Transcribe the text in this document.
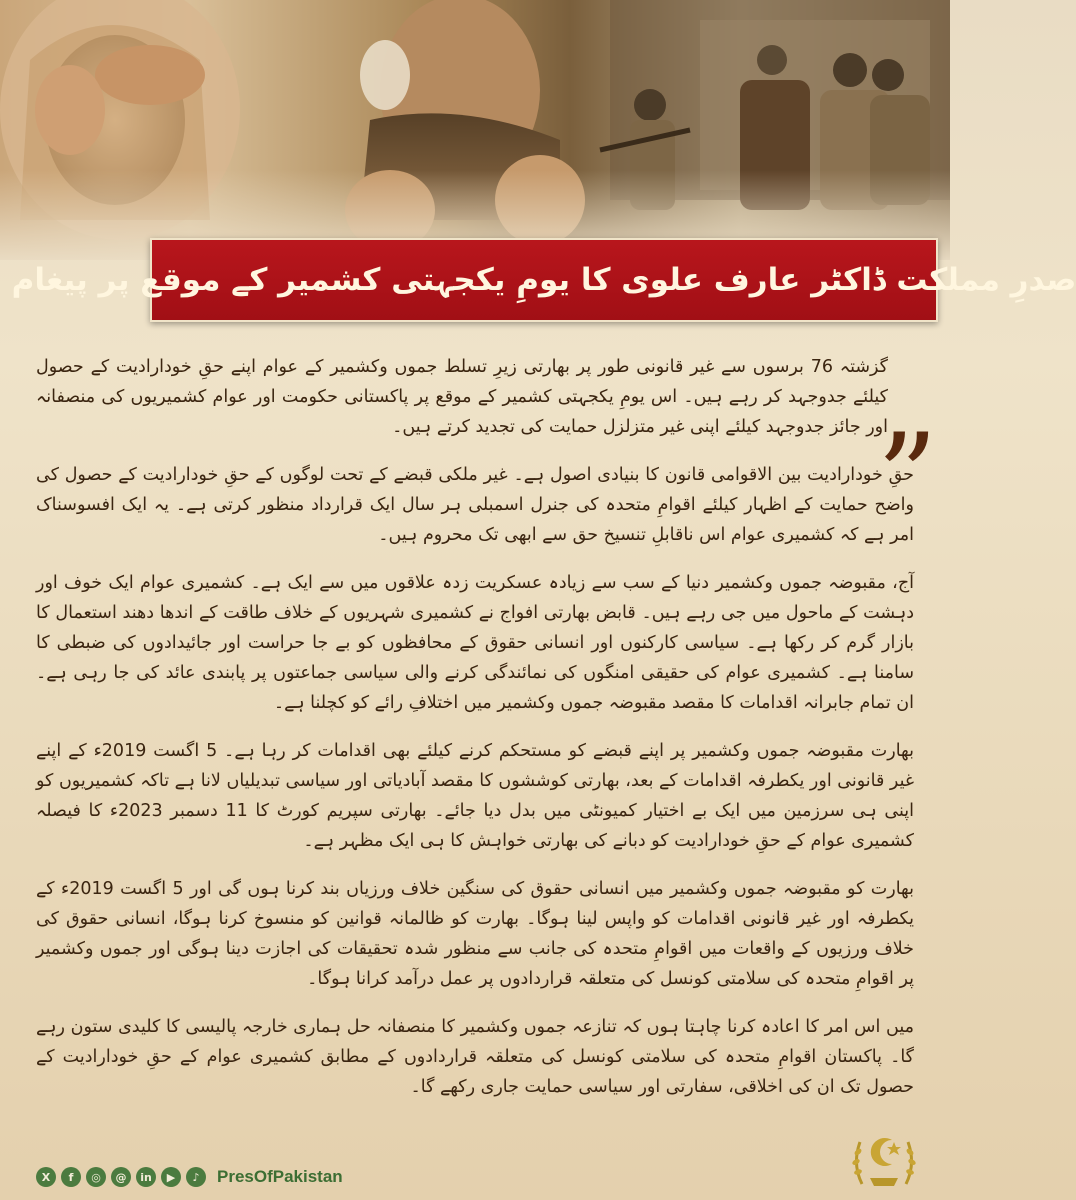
صدرِ مملکت ڈاکٹر عارف علوی کا یومِ یکجہتی کشمیر کے موقع پر پیغام
“

گزشتہ 76 برسوں سے غیر قانونی طور پر بھارتی زیرِ تسلط جموں وکشمیر کے عوام اپنے حقِ خودارادیت کے حصول کیلئے جدوجہد کر رہے ہیں۔ اس یومِ یکجہتی کشمیر کے موقع پر پاکستانی حکومت اور عوام کشمیریوں کی منصفانہ اور جائز جدوجہد کیلئے اپنی غیر متزلزل حمایت کی تجدید کرتے ہیں۔

حقِ خودارادیت بین الاقوامی قانون کا بنیادی اصول ہے۔ غیر ملکی قبضے کے تحت لوگوں کے حقِ خودارادیت کے حصول کی واضح حمایت کے اظہار کیلئے اقوامِ متحدہ کی جنرل اسمبلی ہر سال ایک قرارداد منظور کرتی ہے۔ یہ ایک افسوسناک امر ہے کہ کشمیری عوام اس ناقابلِ تنسیخ حق سے ابھی تک محروم ہیں۔

آج، مقبوضہ جموں وکشمیر دنیا کے سب سے زیادہ عسکریت زدہ علاقوں میں سے ایک ہے۔ کشمیری عوام ایک خوف اور دہشت کے ماحول میں جی رہے ہیں۔ قابض بھارتی افواج نے کشمیری شہریوں کے خلاف طاقت کے اندھا دھند استعمال کا بازار گرم کر رکھا ہے۔ سیاسی کارکنوں اور انسانی حقوق کے محافظوں کو بے جا حراست اور جائیدادوں کی ضبطی کا سامنا ہے۔ کشمیری عوام کی حقیقی امنگوں کی نمائندگی کرنے والی سیاسی جماعتوں پر پابندی عائد کی جا رہی ہے۔ ان تمام جابرانہ اقدامات کا مقصد مقبوضہ جموں وکشمیر میں اختلافِ رائے کو کچلنا ہے۔

بھارت مقبوضہ جموں وکشمیر پر اپنے قبضے کو مستحکم کرنے کیلئے بھی اقدامات کر رہا ہے۔ 5 اگست 2019ء کے اپنے غیر قانونی اور یکطرفہ اقدامات کے بعد، بھارتی کوششوں کا مقصد آبادیاتی اور سیاسی تبدیلیاں لانا ہے تاکہ کشمیریوں کو اپنی ہی سرزمین میں ایک بے اختیار کمیونٹی میں بدل دیا جائے۔ بھارتی سپریم کورٹ کا 11 دسمبر 2023ء کا فیصلہ کشمیری عوام کے حقِ خودارادیت کو دبانے کی بھارتی خواہش کا ہی ایک مظہر ہے۔

بھارت کو مقبوضہ جموں وکشمیر میں انسانی حقوق کی سنگین خلاف ورزیاں بند کرنا ہوں گی اور 5 اگست 2019ء کے یکطرفہ اور غیر قانونی اقدامات کو واپس لینا ہوگا۔ بھارت کو ظالمانہ قوانین کو منسوخ کرنا ہوگا، انسانی حقوق کی خلاف ورزیوں کے واقعات میں اقوامِ متحدہ کی جانب سے منظور شدہ تحقیقات کی اجازت دینا ہوگی اور جموں وکشمیر پر اقوامِ متحدہ کی سلامتی کونسل کی متعلقہ قراردادوں پر عمل درآمد کرانا ہوگا۔

میں اس امر کا اعادہ کرنا چاہتا ہوں کہ تنازعہ جموں وکشمیر کا منصفانہ حل ہماری خارجہ پالیسی کا کلیدی ستون رہے گا۔ پاکستان اقوامِ متحدہ کی سلامتی کونسل کی متعلقہ قراردادوں کے مطابق کشمیری عوام کے حقِ خودارادیت کے حصول تک ان کی اخلاقی، سفارتی اور سیاسی حمایت جاری رکھے گا۔

X	f	◎	@	in	▶	♪	PresOfPakistan
